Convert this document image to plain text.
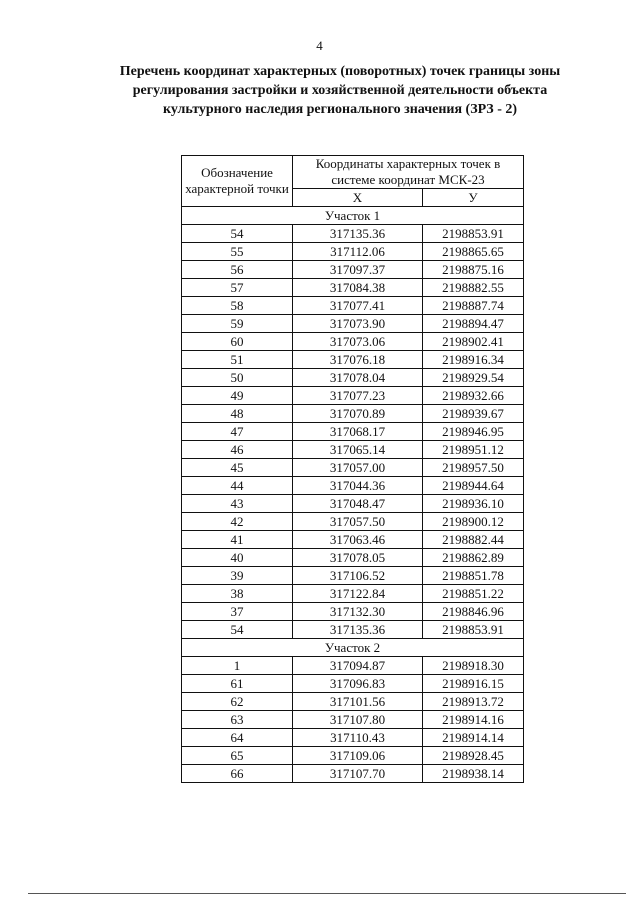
4
Перечень координат характерных (поворотных) точек границы зоны
регулирования застройки и хозяйственной деятельности объекта
культурного наследия регионального значения (ЗРЗ - 2)
Обозначение характерной точки	Координаты характерных точек в системе координат МСК-23	
	X	У
Участок 1		
54	317135.36	2198853.91
55	317112.06	2198865.65
56	317097.37	2198875.16
57	317084.38	2198882.55
58	317077.41	2198887.74
59	317073.90	2198894.47
60	317073.06	2198902.41
51	317076.18	2198916.34
50	317078.04	2198929.54
49	317077.23	2198932.66
48	317070.89	2198939.67
47	317068.17	2198946.95
46	317065.14	2198951.12
45	317057.00	2198957.50
44	317044.36	2198944.64
43	317048.47	2198936.10
42	317057.50	2198900.12
41	317063.46	2198882.44
40	317078.05	2198862.89
39	317106.52	2198851.78
38	317122.84	2198851.22
37	317132.30	2198846.96
54	317135.36	2198853.91
Участок 2		
1	317094.87	2198918.30
61	317096.83	2198916.15
62	317101.56	2198913.72
63	317107.80	2198914.16
64	317110.43	2198914.14
65	317109.06	2198928.45
66	317107.70	2198938.14
